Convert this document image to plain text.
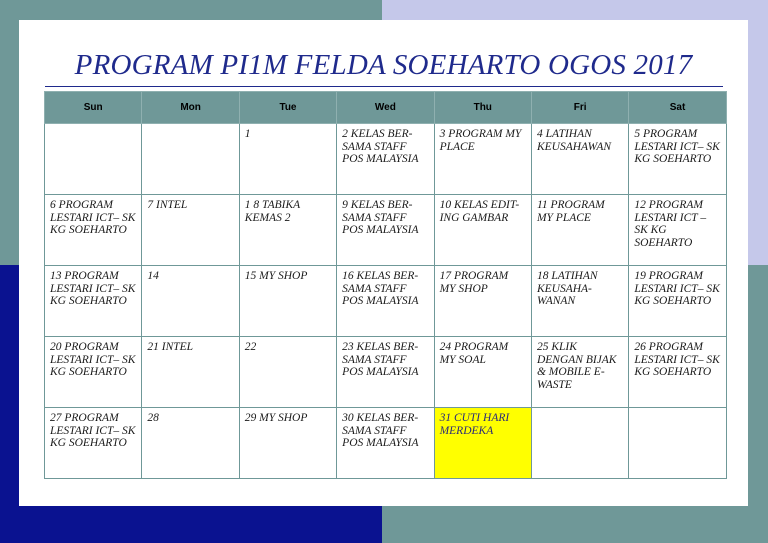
PROGRAM PI1M FELDA SOEHARTO OGOS 2017
Sun	Mon	Tue	Wed	Thu	Fri	Sat
		1	2 KELAS BER-SAMA STAFF POS MALAYSIA	3 PROGRAM MY PLACE	4 LATIHAN KEUSAHAWAN	5 PROGRAM LESTARI ICT– SK KG SOEHARTO
6 PROGRAM LESTARI ICT– SK KG SOEHARTO	7 INTEL	1 8 TABIKA KEMAS 2	9 KELAS BER-SAMA STAFF POS MALAYSIA	10 KELAS EDIT-ING GAMBAR	11 PROGRAM MY PLACE	12 PROGRAM LESTARI ICT – SK KG SOEHARTO
13 PROGRAM LESTARI ICT– SK KG SOEHARTO	14	15 MY SHOP	16 KELAS BER-SAMA STAFF POS MALAYSIA	17 PROGRAM MY SHOP	18 LATIHAN KEUSAHA-WANAN	19 PROGRAM LESTARI ICT– SK KG SOEHARTO
20 PROGRAM LESTARI ICT– SK KG SOEHARTO	21 INTEL	22	23 KELAS BER-SAMA STAFF POS MALAYSIA	24 PROGRAM MY SOAL	25 KLIK DENGAN BIJAK & MOBILE E-WASTE	26 PROGRAM LESTARI ICT– SK KG SOEHARTO
27 PROGRAM LESTARI ICT– SK KG SOEHARTO	28	29 MY SHOP	30 KELAS BER-SAMA STAFF POS MALAYSIA	31 CUTI HARI MERDEKA		
